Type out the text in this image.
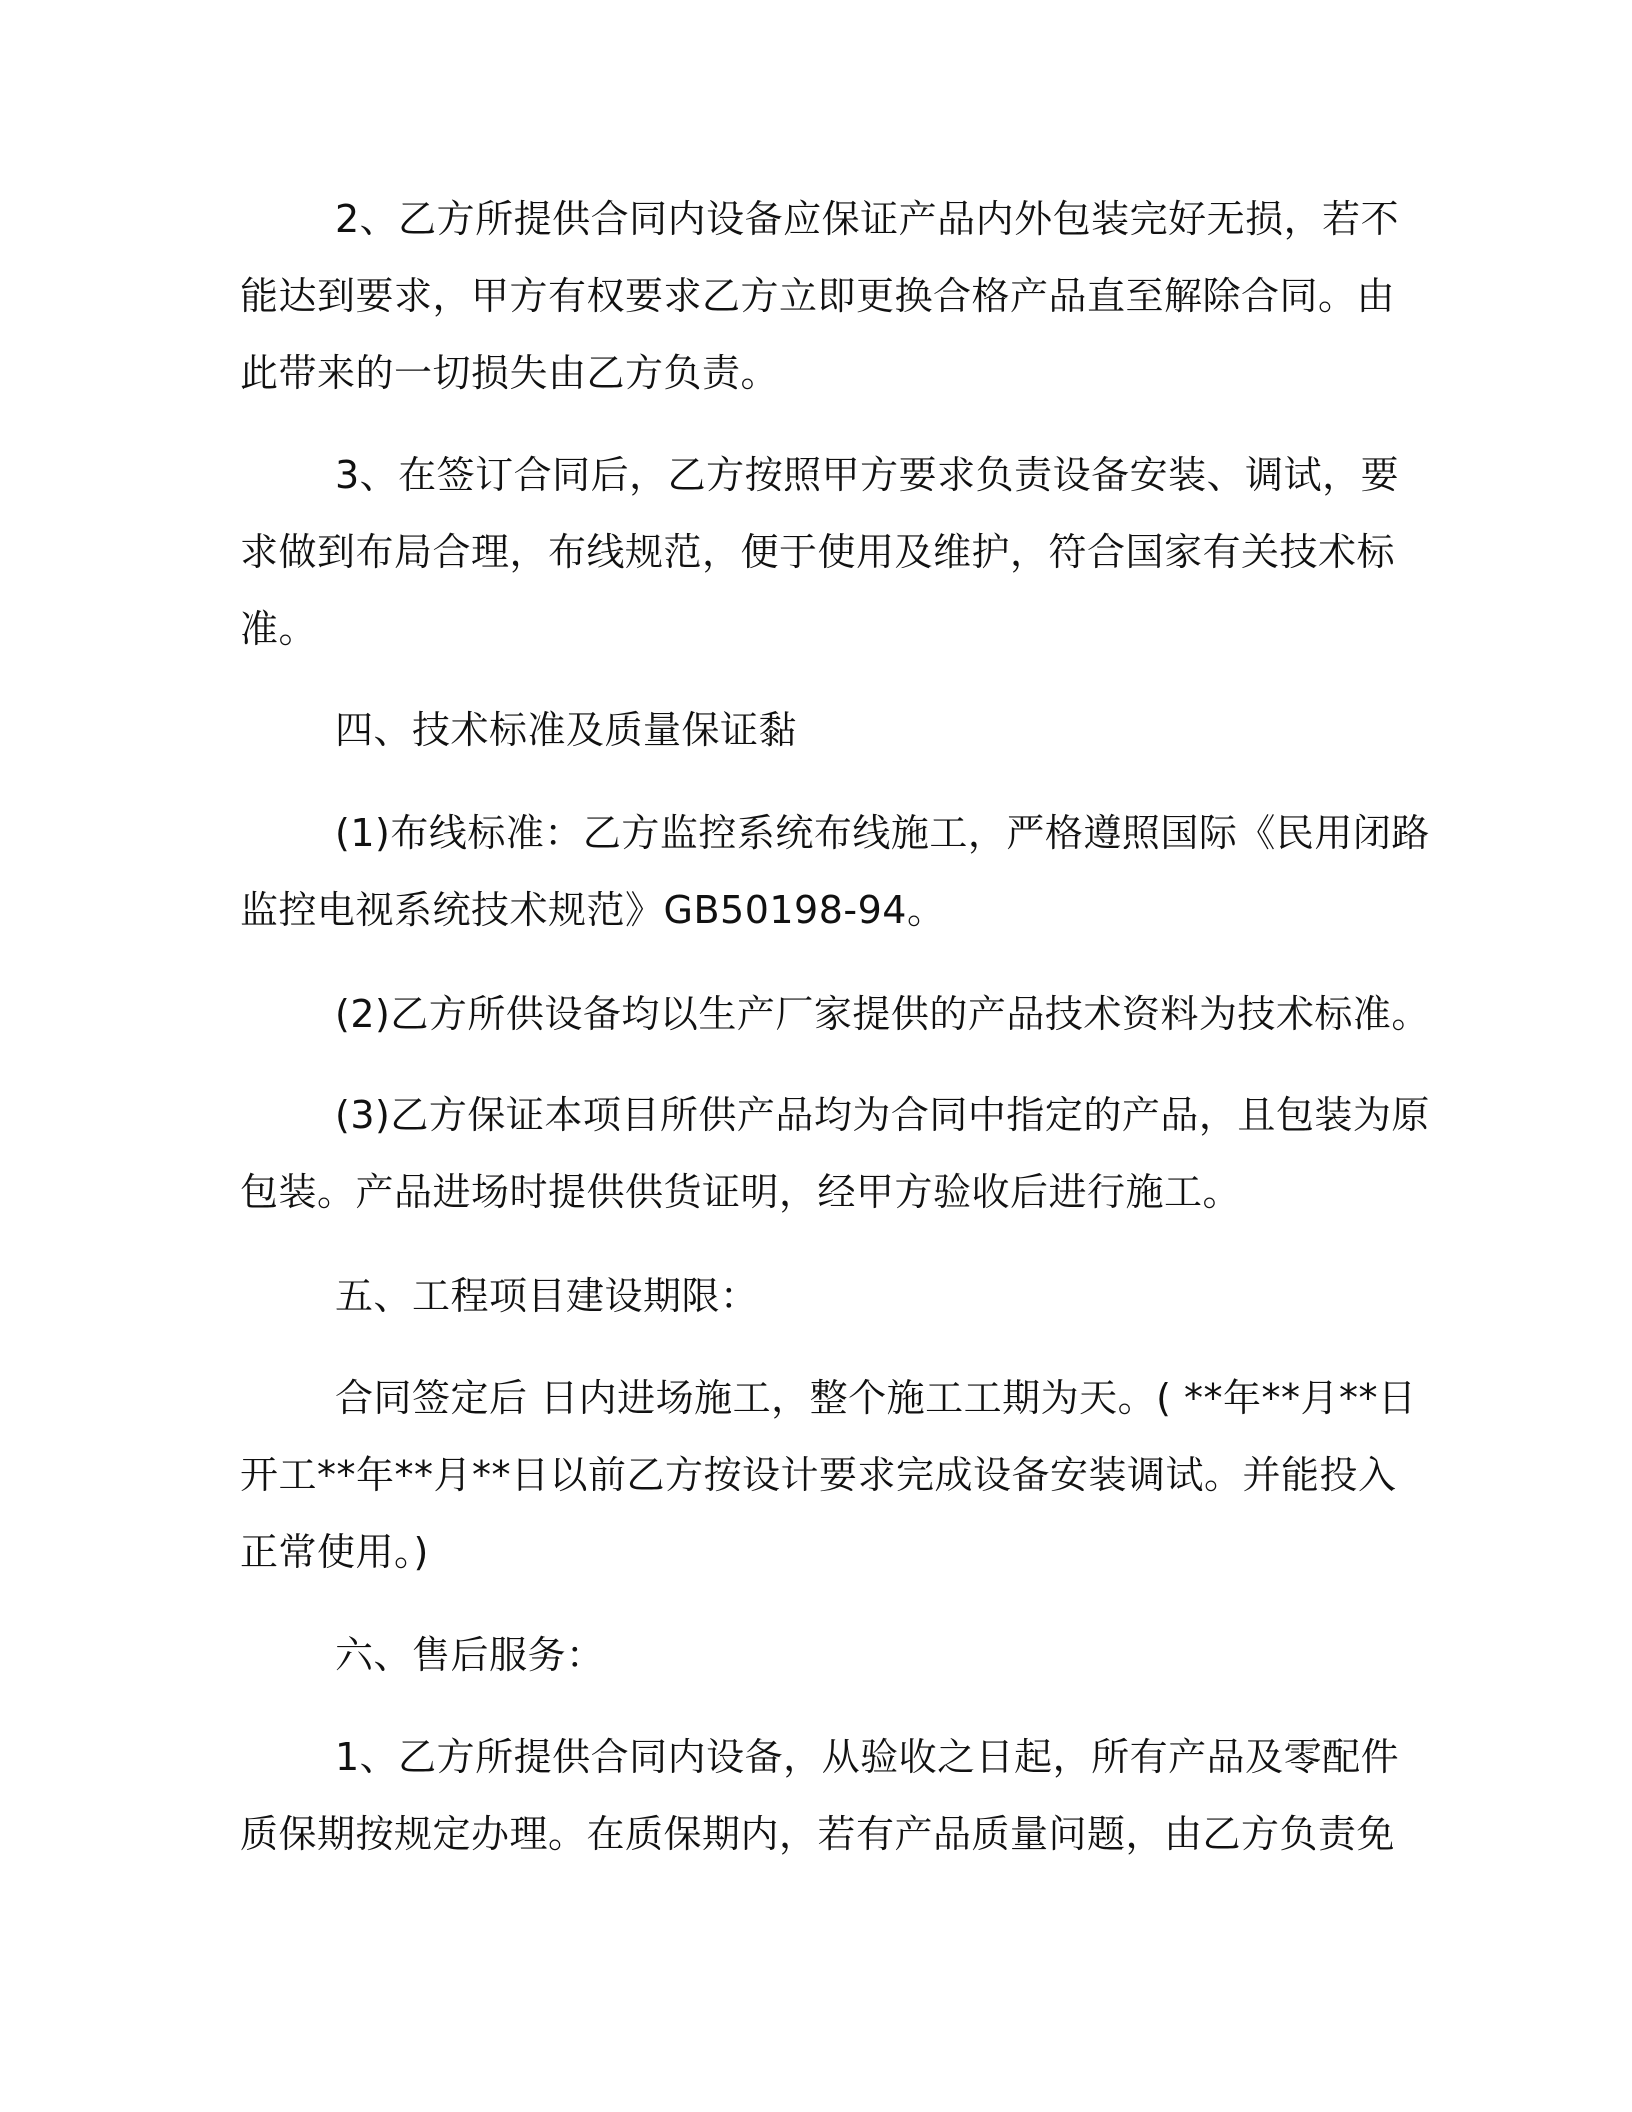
2、乙方所提供合同内设备应保证产品内外包装完好无损，若不
能达到要求，甲方有权要求乙方立即更换合格产品直至解除合同。由
此带来的一切损失由乙方负责。
3、在签订合同后，乙方按照甲方要求负责设备安装、调试，要
求做到布局合理，布线规范，便于使用及维护，符合国家有关技术标
准。
四、技术标准及质量保证黏
(1)布线标准：乙方监控系统布线施工，严格遵照国际《民用闭路
监控电视系统技术规范》GB50198-94。
(2)乙方所供设备均以生产厂家提供的产品技术资料为技术标准。
(3)乙方保证本项目所供产品均为合同中指定的产品，且包装为原
包装。产品进场时提供供货证明，经甲方验收后进行施工。
五、工程项目建设期限：
合同签定后 日内进场施工，整个施工工期为天。( **年**月**日
开工**年**月**日以前乙方按设计要求完成设备安装调试。并能投入
正常使用。)
六、售后服务：
1、乙方所提供合同内设备，从验收之日起，所有产品及零配件
质保期按规定办理。在质保期内，若有产品质量问题，由乙方负责免
